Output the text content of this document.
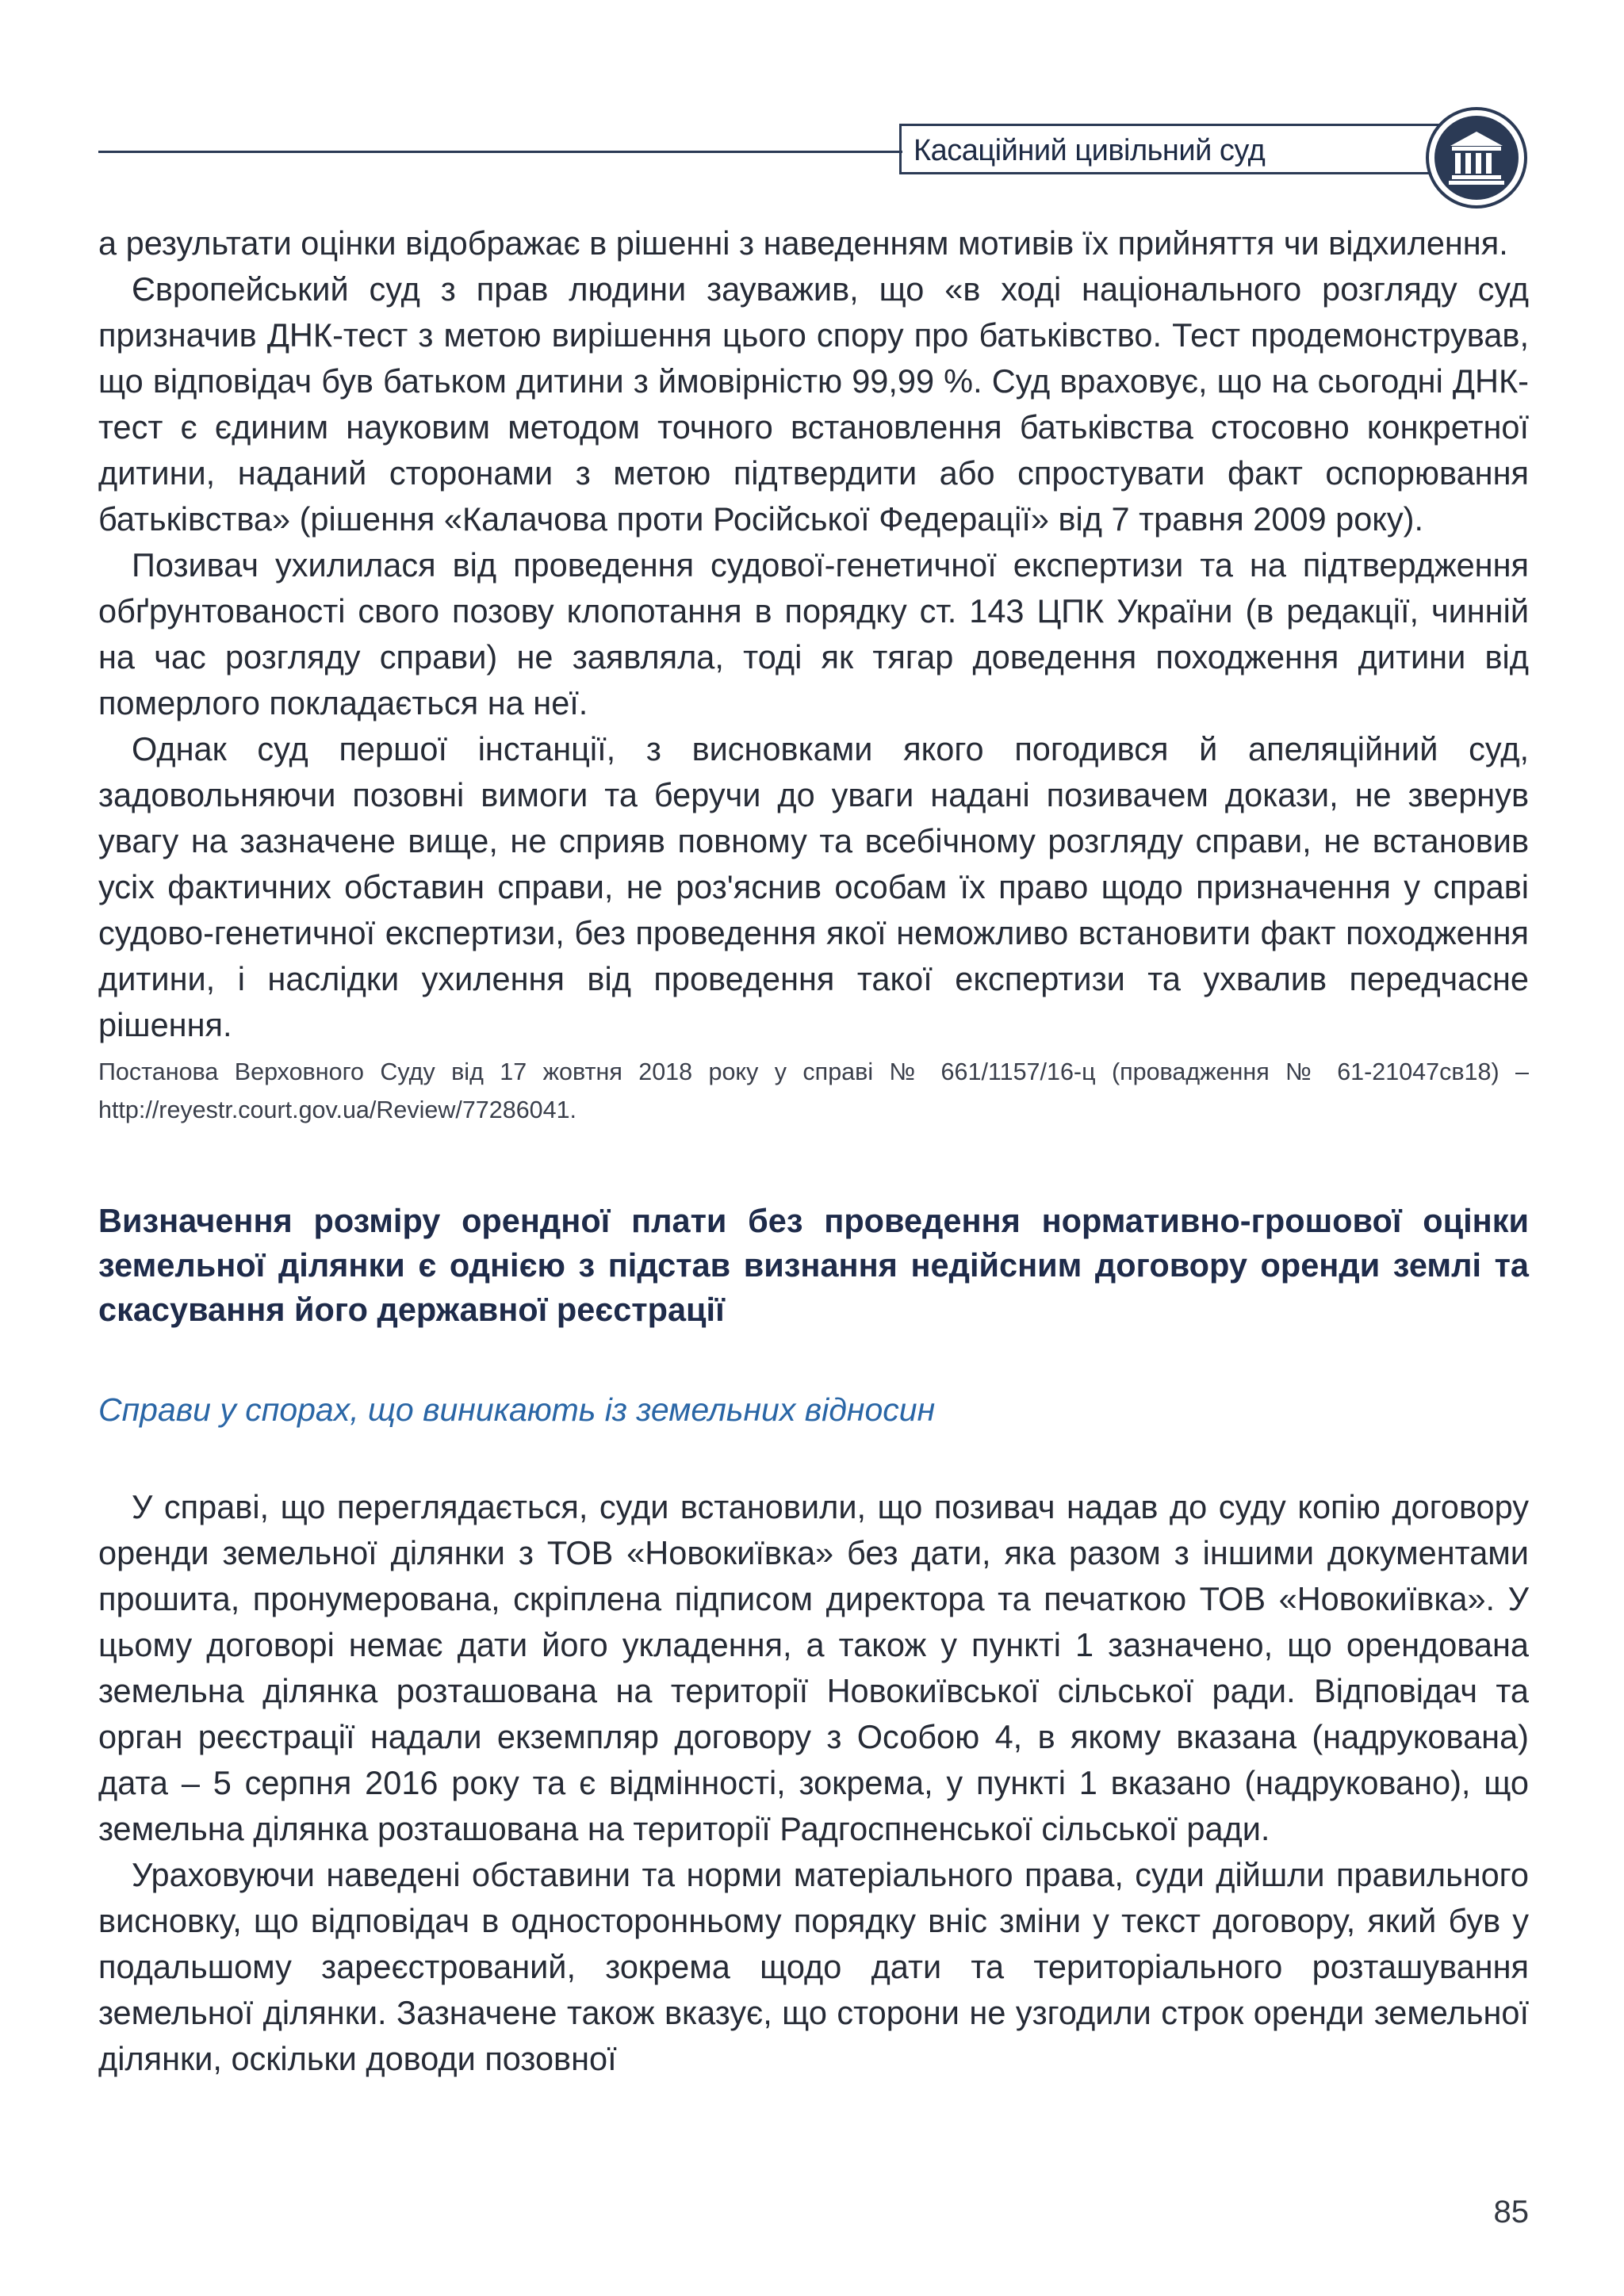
Касаційний цивільний суд

а результати оцінки відображає в рішенні з наведенням мотивів їх прийняття чи відхилення.

Європейський суд з прав людини зауважив, що «в ході національного розгляду суд призначив ДНК-тест з метою вирішення цього спору про батьківство. Тест продемонстрував, що відповідач був батьком дитини з ймовірністю 99,99 %. Суд враховує, що на сьогодні ДНК-тест є єдиним науковим методом точного встановлення батьківства стосовно конкретної дитини, наданий сторонами з метою підтвердити або спростувати факт оспорювання батьківства» (рішення «Калачова проти Російської Федерації» від 7 травня 2009 року).

Позивач ухилилася від проведення судової-генетичної експертизи та на підтвердження обґрунтованості свого позову клопотання в порядку ст. 143 ЦПК України (в редакції, чинній на час розгляду справи) не заявляла, тоді як тягар доведення походження дитини від померлого покладається на неї.

Однак суд першої інстанції, з висновками якого погодився й апеляційний суд, задовольняючи позовні вимоги та беручи до уваги надані позивачем докази, не звернув увагу на зазначене вище, не сприяв повному та всебічному розгляду справи, не встановив усіх фактичних обставин справи, не роз'яснив особам їх право щодо призначення у справі судово-генетичної експертизи, без проведення якої неможливо встановити факт походження дитини, і наслідки ухилення від проведення такої експертизи та ухвалив передчасне рішення.

Постанова Верховного Суду від 17 жовтня 2018 року у справі № 661/1157/16-ц (провадження № 61-21047св18) – http://reyestr.court.gov.ua/Review/77286041.

Визначення розміру орендної плати без проведення нормативно-грошової оцінки земельної ділянки є однією з підстав визнання недійсним договору оренди землі та скасування його державної реєстрації

Справи у спорах, що виникають із земельних відносин

У справі, що переглядається, суди встановили, що позивач надав до суду копію договору оренди земельної ділянки з ТОВ «Новокиївка» без дати, яка разом з іншими документами прошита, пронумерована, скріплена підписом директора та печаткою ТОВ «Новокиївка». У цьому договорі немає дати його укладення, а також у пункті 1 зазначено, що орендована земельна ділянка розташована на території Новокиївської сільської ради. Відповідач та орган реєстрації надали екземпляр договору з Особою 4, в якому вказана (надрукована) дата – 5 серпня 2016 року та є відмінності, зокрема, у пункті 1 вказано (надруковано), що земельна ділянка розташована на території Радгоспненської сільської ради.

Ураховуючи наведені обставини та норми матеріального права, суди дійшли правильного висновку, що відповідач в односторонньому порядку вніс зміни у текст договору, який був у подальшому зареєстрований, зокрема щодо дати та територіального розташування земельної ділянки. Зазначене також вказує, що сторони не узгодили строк оренди земельної ділянки, оскільки доводи позовної

85
